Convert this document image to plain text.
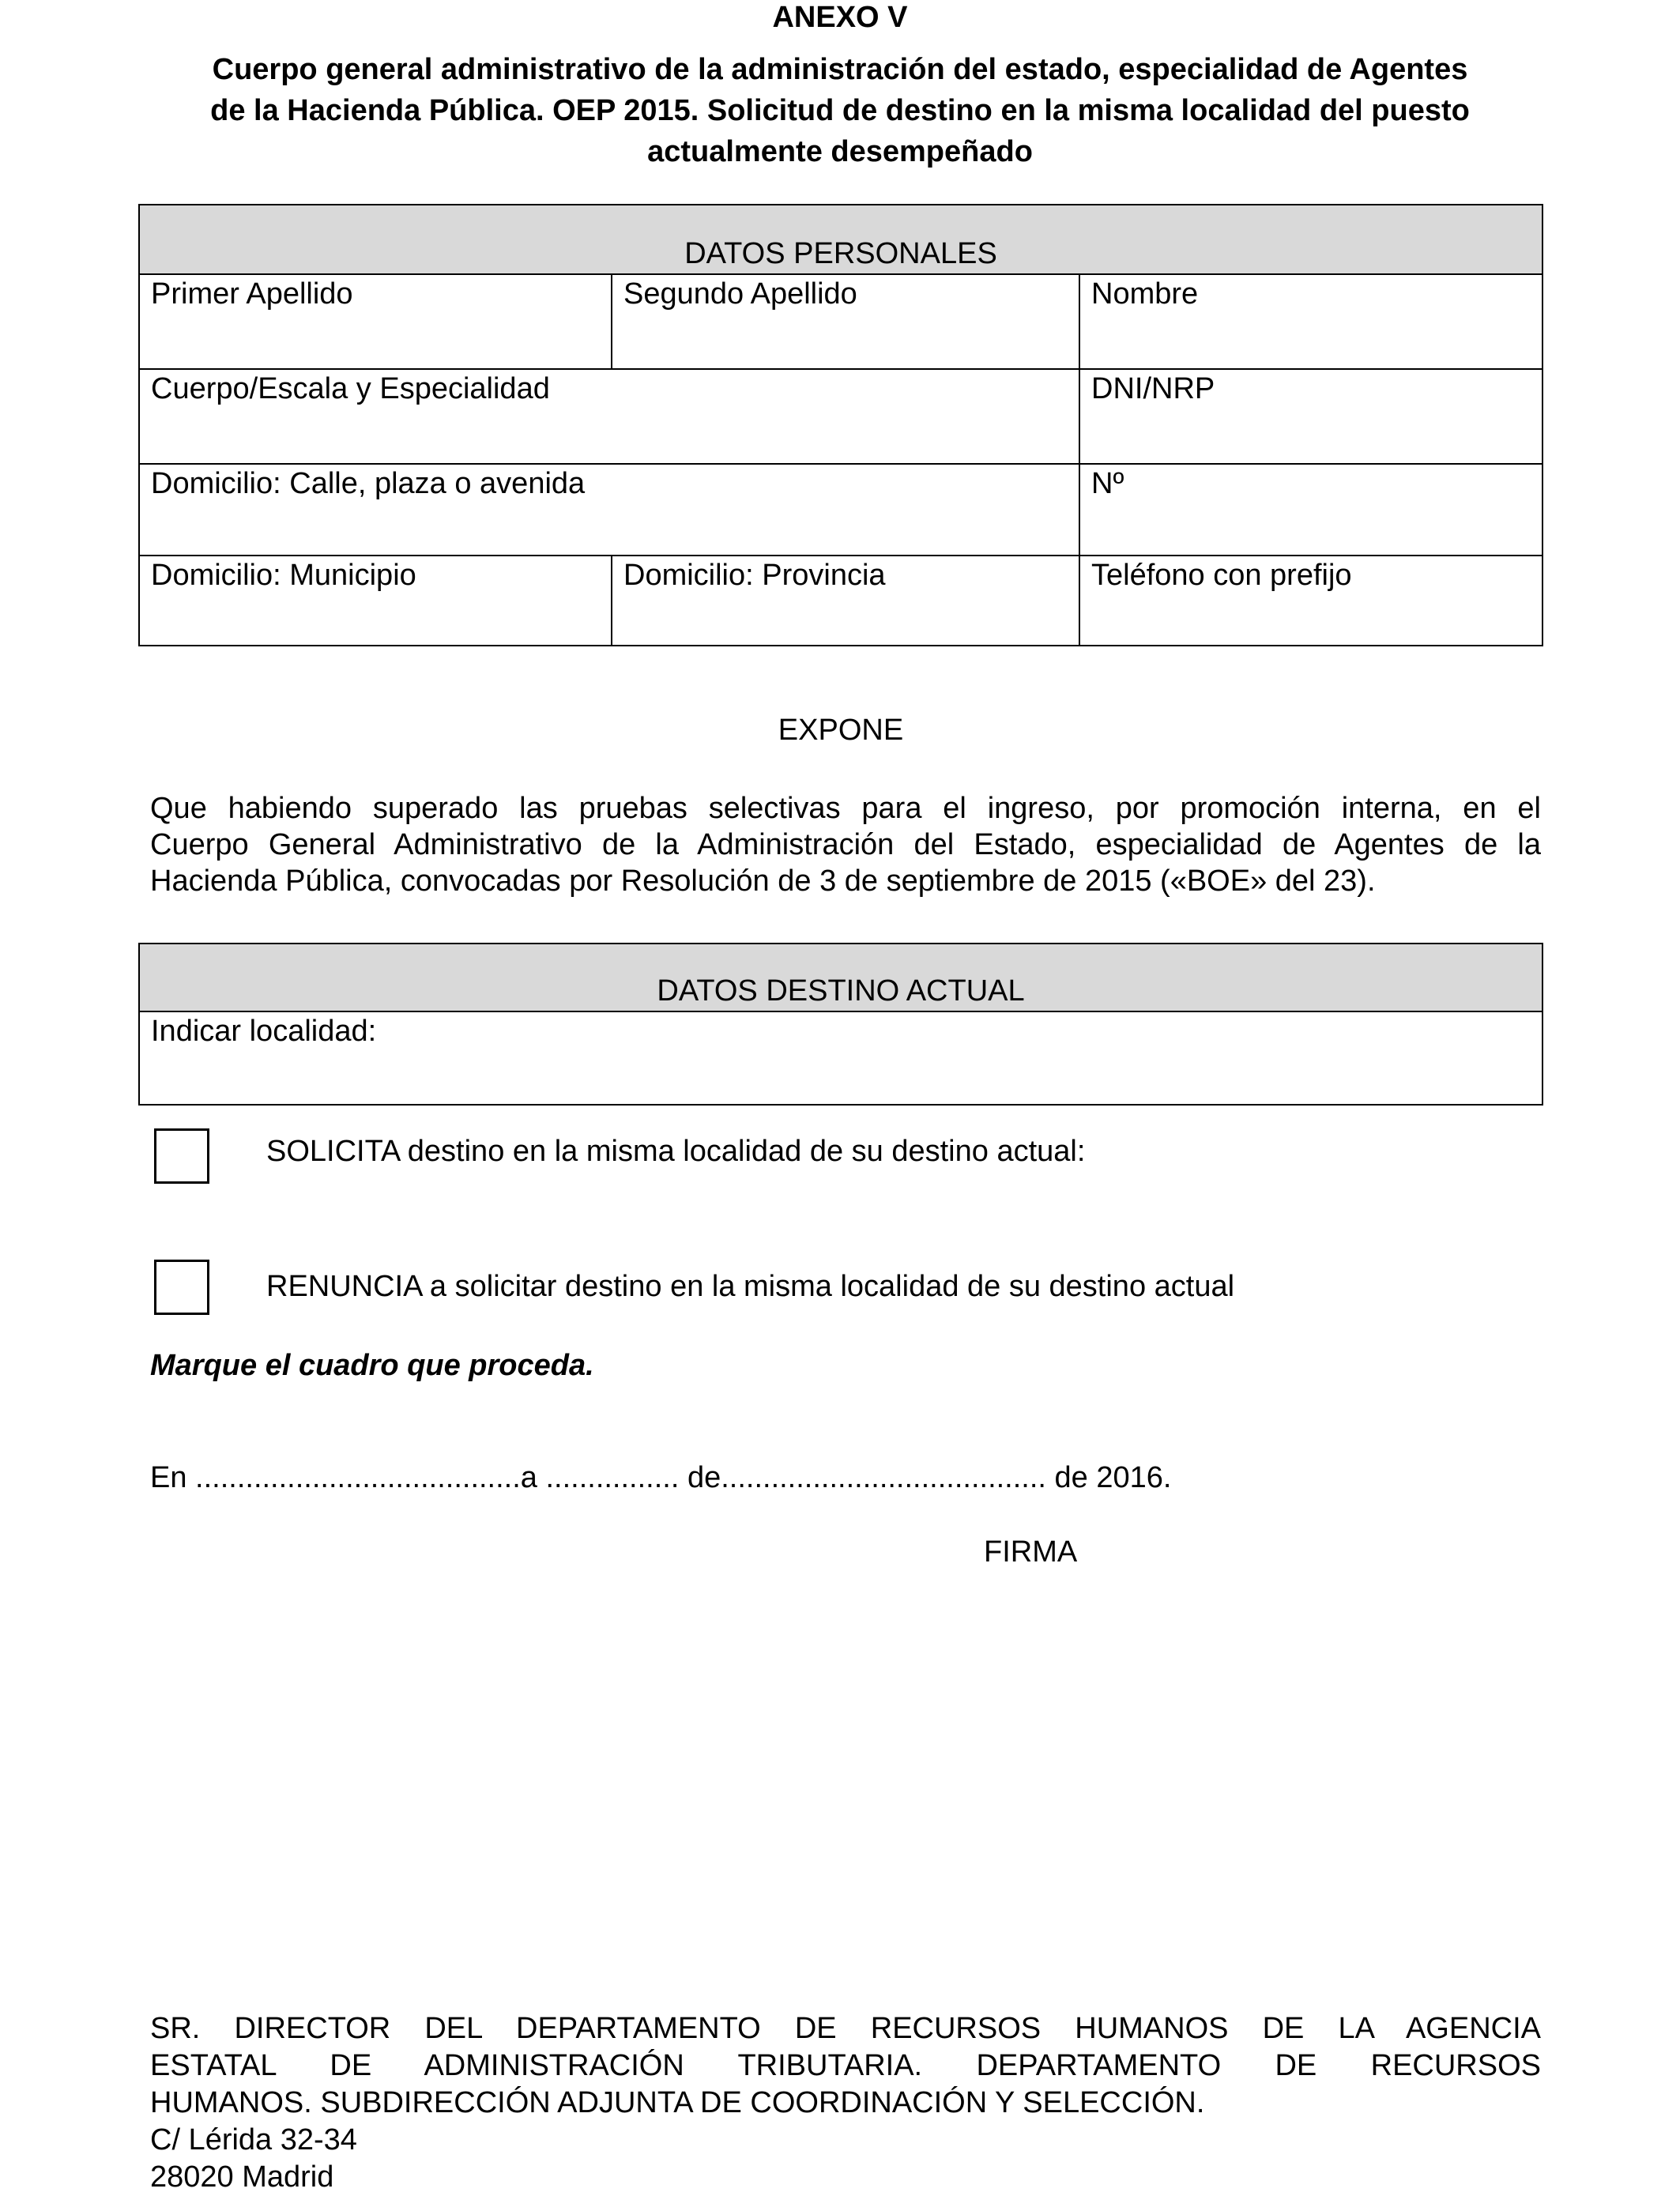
ANEXO V
Cuerpo general administrativo de la administración del estado, especialidad de Agentes
de la Hacienda Pública. OEP 2015. Solicitud de destino en la misma localidad del puesto
actualmente desempeñado
DATOS PERSONALES
Primer Apellido	Segundo Apellido	Nombre
Cuerpo/Escala y Especialidad	DNI/NRP
Domicilio: Calle, plaza o avenida	Nº
Domicilio: Municipio	Domicilio: Provincia	Teléfono con prefijo
EXPONE
Que habiendo superado las pruebas selectivas para el ingreso, por promoción interna, en el
Cuerpo General Administrativo de la Administración del Estado, especialidad de Agentes de la
Hacienda Pública, convocadas por Resolución de 3 de septiembre de 2015 («BOE» del 23).
DATOS DESTINO ACTUAL
Indicar localidad:
SOLICITA destino en la misma localidad de su destino actual:
RENUNCIA a solicitar destino en la misma localidad de su destino actual
Marque el cuadro que proceda.
En .......................................a ................ de....................................... de 2016.
FIRMA
SR. DIRECTOR DEL DEPARTAMENTO DE RECURSOS HUMANOS DE LA AGENCIA
ESTATAL DE ADMINISTRACIÓN TRIBUTARIA. DEPARTAMENTO DE RECURSOS
HUMANOS. SUBDIRECCIÓN ADJUNTA DE COORDINACIÓN Y SELECCIÓN.
C/ Lérida 32-34
28020 Madrid
